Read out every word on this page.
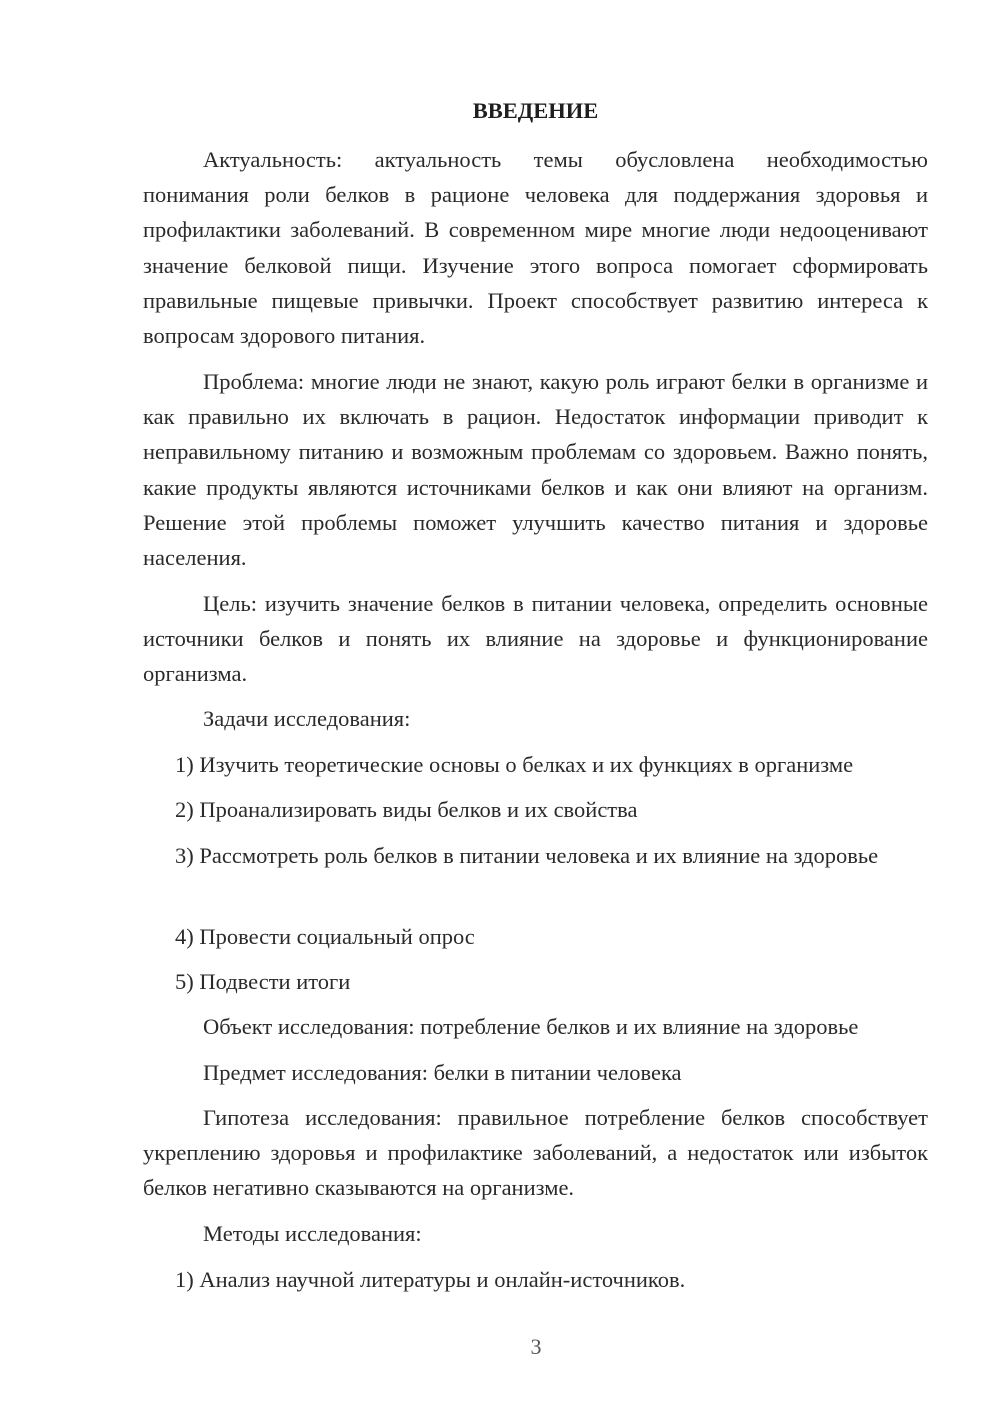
ВВЕДЕНИЕ

Актуальность: актуальность темы обусловлена необходимостью понимания роли белков в рационе человека для поддержания здоровья и профилактики заболеваний. В современном мире многие люди недооценивают значение белковой пищи. Изучение этого вопроса помогает сформировать правильные пищевые привычки. Проект способствует развитию интереса к вопросам здорового питания.

Проблема: многие люди не знают, какую роль играют белки в организме и как правильно их включать в рацион. Недостаток информации приводит к неправильному питанию и возможным проблемам со здоровьем. Важно понять, какие продукты являются источниками белков и как они влияют на организм. Решение этой проблемы поможет улучшить качество питания и здоровье населения.

Цель: изучить значение белков в питании человека, определить основные источники белков и понять их влияние на здоровье и функционирование организма.

Задачи исследования:

1) Изучить теоретические основы о белках и их функциях в организме

2) Проанализировать виды белков и их свойства

3) Рассмотреть роль белков в питании человека и их влияние на здоровье

4) Провести социальный опрос

5) Подвести итоги

Объект исследования: потребление белков и их влияние на здоровье

Предмет исследования: белки в питании человека

Гипотеза исследования: правильное потребление белков способствует укреплению здоровья и профилактике заболеваний, а недостаток или избыток белков негативно сказываются на организме.

Методы исследования:

1) Анализ научной литературы и онлайн-источников.

3
